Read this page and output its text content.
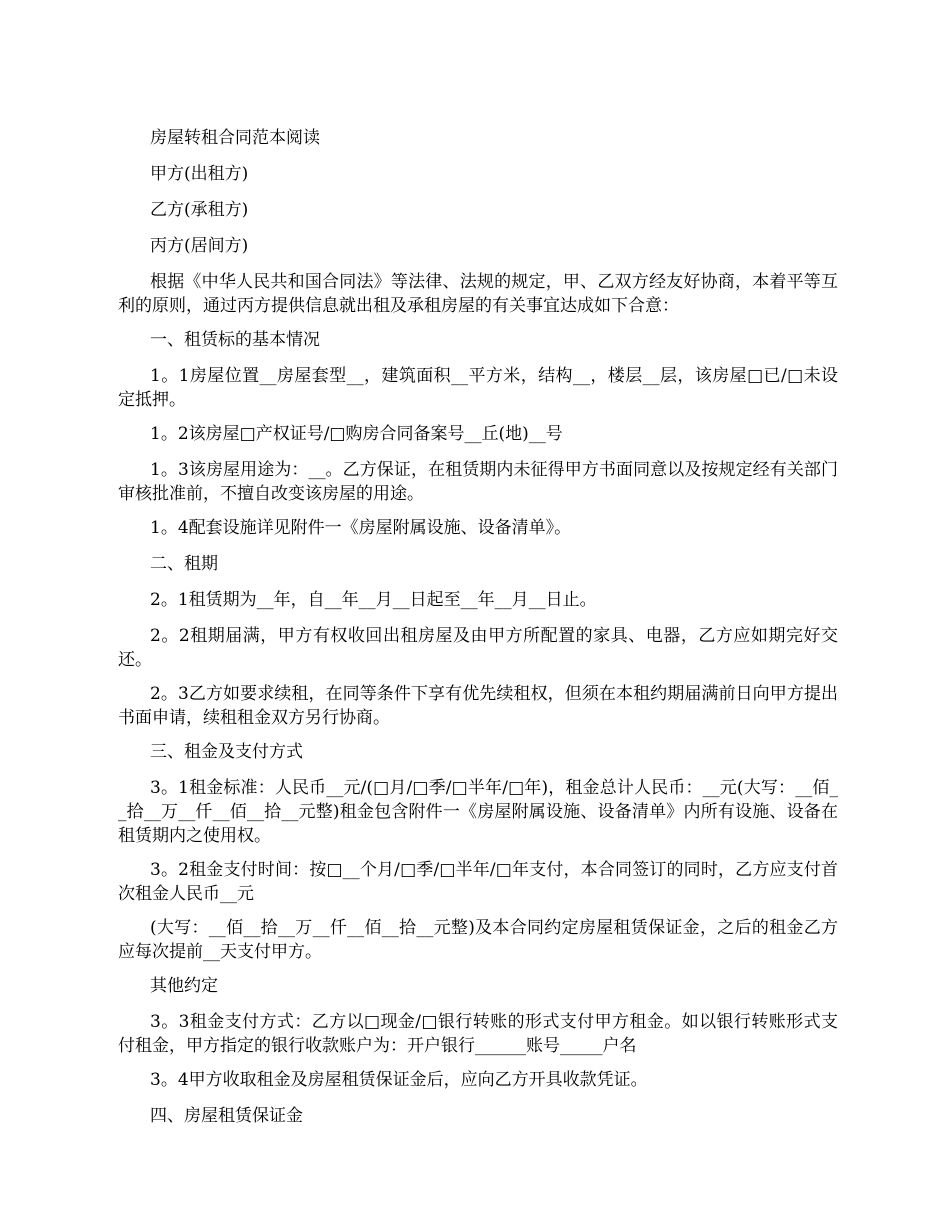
房屋转租合同范本阅读

甲方(出租方)

乙方(承租方)

丙方(居间方)

根据《中华人民共和国合同法》等法律、法规的规定，甲、乙双方经友好协商，本着平等互利的原则，通过丙方提供信息就出租及承租房屋的有关事宜达成如下合意：

一、租赁标的基本情况

1。1房屋位置__房屋套型__，建筑面积__平方米，结构__，楼层__层，该房屋□已/□未设定抵押。

1。2该房屋□产权证号/□购房合同备案号__丘(地)__号

1。3该房屋用途为：__。乙方保证，在租赁期内未征得甲方书面同意以及按规定经有关部门审核批准前，不擅自改变该房屋的用途。

1。4配套设施详见附件一《房屋附属设施、设备清单》。

二、租期

2。1租赁期为__年，自__年__月__日起至__年__月__日止。

2。2租期届满，甲方有权收回出租房屋及由甲方所配置的家具、电器，乙方应如期完好交还。

2。3乙方如要求续租，在同等条件下享有优先续租权，但须在本租约期届满前日向甲方提出书面申请，续租租金双方另行协商。

三、租金及支付方式

3。1租金标准：人民币__元/(□月/□季/□半年/□年)，租金总计人民币：__元(大写：__佰__拾__万__仟__佰__拾__元整)租金包含附件一《房屋附属设施、设备清单》内所有设施、设备在租赁期内之使用权。

3。2租金支付时间：按□__个月/□季/□半年/□年支付，本合同签订的同时，乙方应支付首次租金人民币__元

(大写：__佰__拾__万__仟__佰__拾__元整)及本合同约定房屋租赁保证金，之后的租金乙方应每次提前__天支付甲方。

其他约定

3。3租金支付方式：乙方以□现金/□银行转账的形式支付甲方租金。如以银行转账形式支付租金，甲方指定的银行收款账户为：开户银行______账号_____户名

3。4甲方收取租金及房屋租赁保证金后，应向乙方开具收款凭证。

四、房屋租赁保证金
